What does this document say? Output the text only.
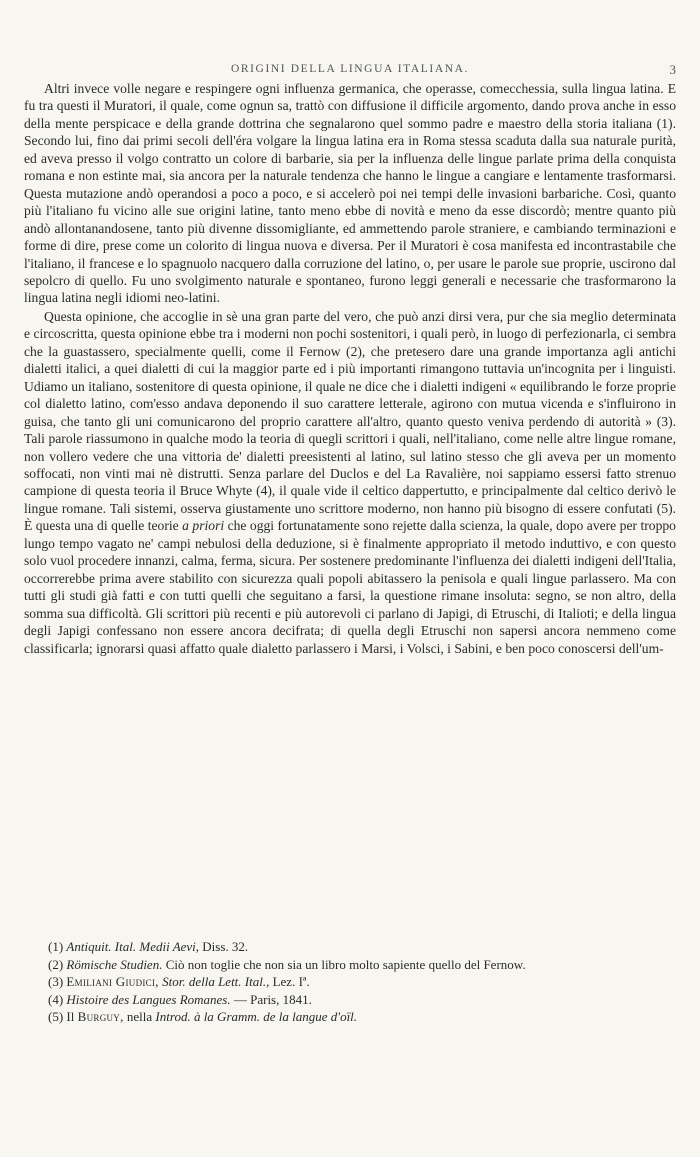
ORIGINI DELLA LINGUA ITALIANA.	3

Altri invece volle negare e respingere ogni influenza germanica, che operasse, comecchessia, sulla lingua latina. E fu tra questi il Muratori, il quale, come ognun sa, trattò con diffusione il difficile argomento, dando prova anche in esso della mente perspicace e della grande dottrina che segnalarono quel sommo padre e maestro della storia italiana (1). Secondo lui, fino dai primi secoli dell'éra volgare la lingua latina era in Roma stessa scaduta dalla sua naturale purità, ed aveva presso il volgo contratto un colore di barbarie, sia per la influenza delle lingue parlate prima della conquista romana e non estinte mai, sia ancora per la naturale tendenza che hanno le lingue a cangiare e lentamente trasformarsi. Questa mutazione andò operandosi a poco a poco, e si accelerò poi nei tempi delle invasioni barbariche. Così, quanto più l'italiano fu vicino alle sue origini latine, tanto meno ebbe di novità e meno da esse discordò; mentre quanto più andò allontanandosene, tanto più divenne dissomigliante, ed ammettendo parole straniere, e cambiando terminazioni e forme di dire, prese come un colorito di lingua nuova e diversa. Per il Muratori è cosa manifesta ed incontrastabile che l'italiano, il francese e lo spagnuolo nacquero dalla corruzione del latino, o, per usare le parole sue proprie, uscirono dal sepolcro di quello. Fu uno svolgimento naturale e spontaneo, furono leggi generali e necessarie che trasformarono la lingua latina negli idiomi neo-latini.

Questa opinione, che accoglie in sè una gran parte del vero, che può anzi dirsi vera, pur che sia meglio determinata e circoscritta, questa opinione ebbe tra i moderni non pochi sostenitori, i quali però, in luogo di perfezionarla, ci sembra che la guastassero, specialmente quelli, come il Fernow (2), che pretesero dare una grande importanza agli antichi dialetti italici, a quei dialetti di cui la maggior parte ed i più importanti rimangono tuttavia un'incognita per i linguisti. Udiamo un italiano, sostenitore di questa opinione, il quale ne dice che i dialetti indigeni « equilibrando le forze proprie col dialetto latino, com'esso andava deponendo il suo carattere letterale, agirono con mutua vicenda e s'influirono in guisa, che tanto gli uni comunicarono del proprio carattere all'altro, quanto questo veniva perdendo di autorità » (3). Tali parole riassumono in qualche modo la teoria di quegli scrittori i quali, nell'italiano, come nelle altre lingue romane, non vollero vedere che una vittoria de' dialetti preesistenti al latino, sul latino stesso che gli aveva per un momento soffocati, non vinti mai nè distrutti. Senza parlare del Duclos e del La Ravalière, noi sappiamo essersi fatto strenuo campione di questa teoria il Bruce Whyte (4), il quale vide il celtico dappertutto, e principalmente dal celtico derivò le lingue romane. Tali sistemi, osserva giustamente uno scrittore moderno, non hanno più bisogno di essere confutati (5). È questa una di quelle teorie a priori che oggi fortunatamente sono rejette dalla scienza, la quale, dopo avere per troppo lungo tempo vagato ne' campi nebulosi della deduzione, si è finalmente appropriato il metodo induttivo, e con questo solo vuol procedere innanzi, calma, ferma, sicura. Per sostenere predominante l'influenza dei dialetti indigeni dell'Italia, occorrerebbe prima avere stabilito con sicurezza quali popoli abitassero la penisola e quali lingue parlassero. Ma con tutti gli studi già fatti e con tutti quelli che seguitano a farsi, la questione rimane insoluta: segno, se non altro, della somma sua difficoltà. Gli scrittori più recenti e più autorevoli ci parlano di Japigi, di Etruschi, di Italioti; e della lingua degli Japigi confessano non essere ancora decifrata; di quella degli Etruschi non sapersi ancora nemmeno come classificarla; ignorarsi quasi affatto quale dialetto parlassero i Marsi, i Volsci, i Sabini, e ben poco conoscersi dell'um-

(1) Antiquit. Ital. Medii Aevi, Diss. 32.
(2) Römische Studien. Ciò non toglie che non sia un libro molto sapiente quello del Fernow.
(3) Emiliani Giudici, Stor. della Lett. Ital., Lez. Iª.
(4) Histoire des Langues Romanes. — Paris, 1841.
(5) Il Burguy, nella Introd. à la Gramm. de la langue d'oïl.
